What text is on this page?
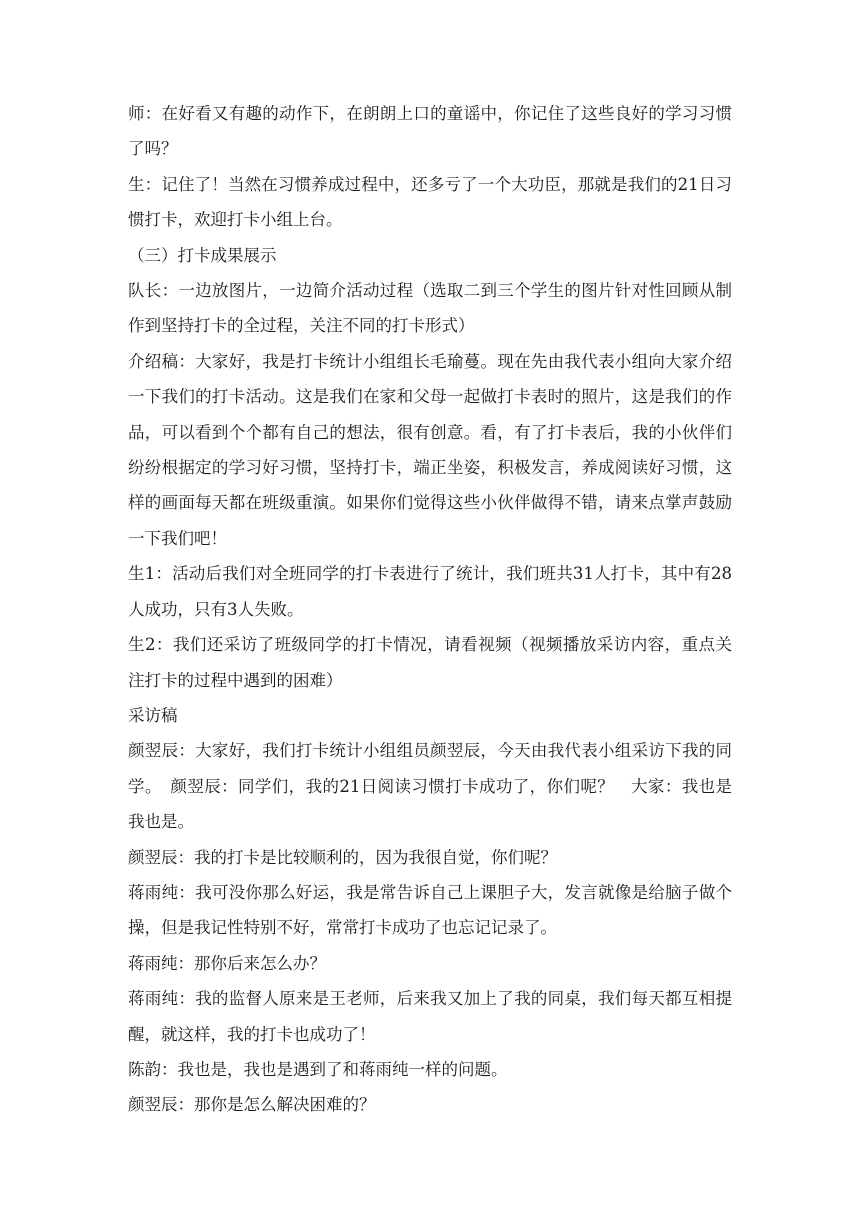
师：在好看又有趣的动作下，在朗朗上口的童谣中，你记住了这些良好的学习习惯了吗？

生：记住了！当然在习惯养成过程中，还多亏了一个大功臣，那就是我们的21日习惯打卡，欢迎打卡小组上台。

（三）打卡成果展示

队长：一边放图片，一边简介活动过程（选取二到三个学生的图片针对性回顾从制作到坚持打卡的全过程，关注不同的打卡形式）

介绍稿：大家好，我是打卡统计小组组长毛瑜蔓。现在先由我代表小组向大家介绍一下我们的打卡活动。这是我们在家和父母一起做打卡表时的照片，这是我们的作品，可以看到个个都有自己的想法，很有创意。看，有了打卡表后，我的小伙伴们纷纷根据定的学习好习惯，坚持打卡，端正坐姿，积极发言，养成阅读好习惯，这样的画面每天都在班级重演。如果你们觉得这些小伙伴做得不错，请来点掌声鼓励一下我们吧！

生1：活动后我们对全班同学的打卡表进行了统计，我们班共31人打卡，其中有28人成功，只有3人失败。

生2：我们还采访了班级同学的打卡情况，请看视频（视频播放采访内容，重点关注打卡的过程中遇到的困难）

采访稿

颜翌辰：大家好，我们打卡统计小组组员颜翌辰，今天由我代表小组采访下我的同学。　颜翌辰：同学们，我的21日阅读习惯打卡成功了，你们呢？　大家：我也是我也是。

颜翌辰：我的打卡是比较顺利的，因为我很自觉，你们呢？

蒋雨纯：我可没你那么好运，我是常告诉自己上课胆子大，发言就像是给脑子做个操，但是我记性特别不好，常常打卡成功了也忘记记录了。

蒋雨纯：那你后来怎么办？

蒋雨纯：我的监督人原来是王老师，后来我又加上了我的同桌，我们每天都互相提醒，就这样，我的打卡也成功了！

陈韵：我也是，我也是遇到了和蒋雨纯一样的问题。

颜翌辰：那你是怎么解决困难的？
